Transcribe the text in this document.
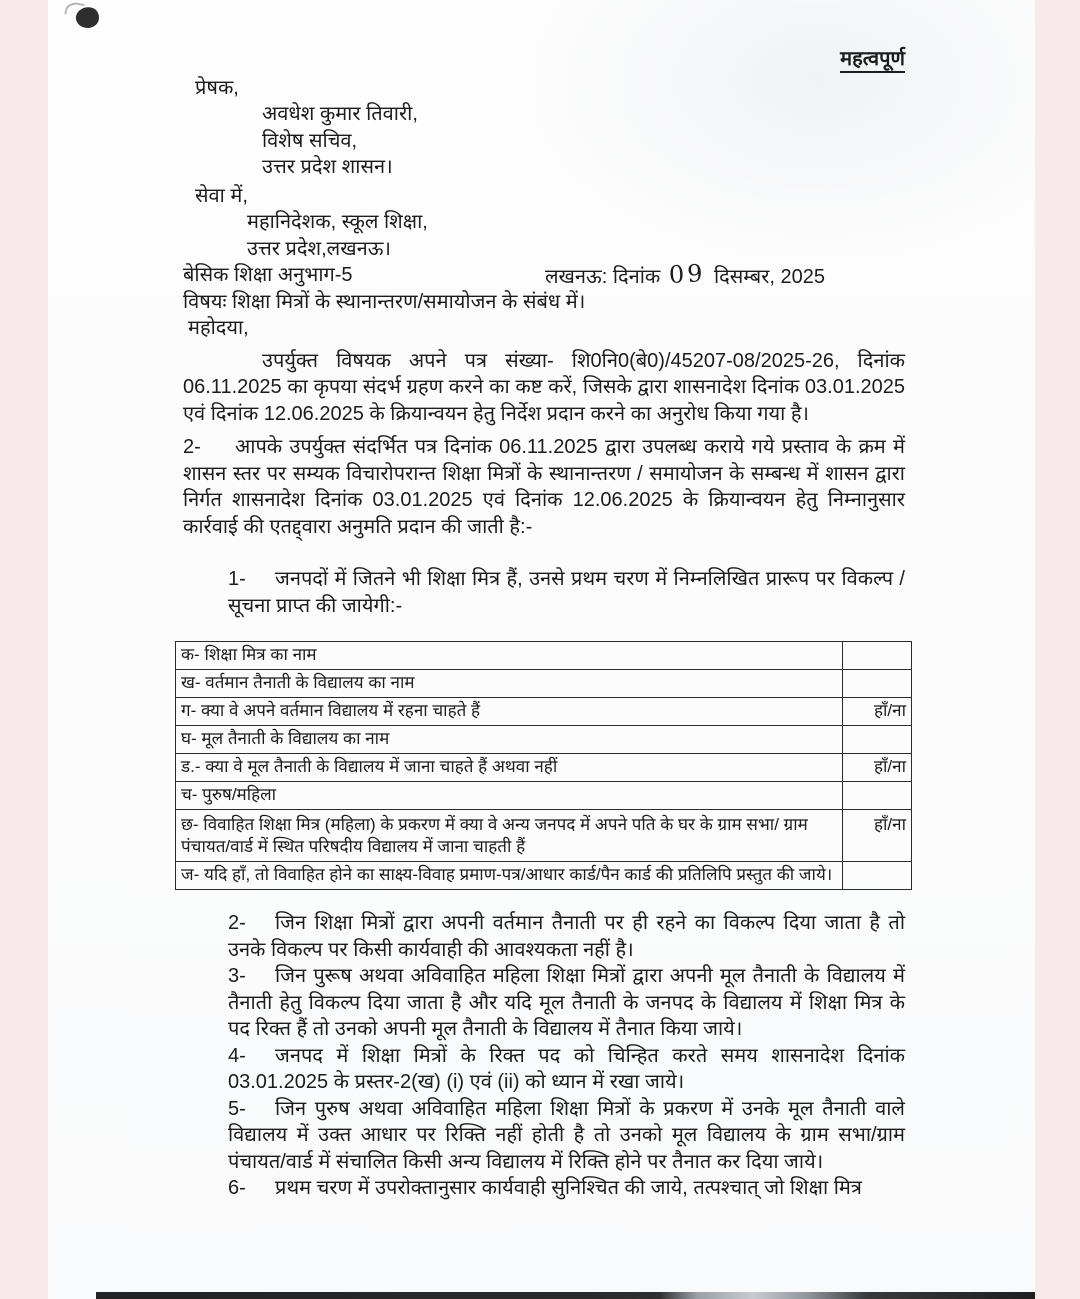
महत्वपूर्ण
प्रेषक,
अवधेश कुमार तिवारी,
विशेष सचिव,
उत्तर प्रदेश शासन।
सेवा में,
महानिदेशक, स्कूल शिक्षा,
उत्तर प्रदेश,लखनऊ।
बेसिक शिक्षा अनुभाग-5	लखनऊ: दिनांक 09 दिसम्बर, 2025
विषयः शिक्षा मित्रों के स्थानान्तरण/समायोजन के संबंध में।
महोदया,

उपर्युक्त विषयक अपने पत्र संख्या- शि0नि0(बे0)/45207-08/2025-26, दिनांक 06.11.2025 का कृपया संदर्भ ग्रहण करने का कष्ट करें, जिसके द्वारा शासनादेश दिनांक 03.01.2025 एवं दिनांक 12.06.2025 के क्रियान्वयन हेतु निर्देश प्रदान करने का अनुरोध किया गया है।

2- आपके उपर्युक्त संदर्भित पत्र दिनांक 06.11.2025 द्वारा उपलब्ध कराये गये प्रस्ताव के क्रम में शासन स्तर पर सम्यक विचारोपरान्त शिक्षा मित्रों के स्थानान्तरण / समायोजन के सम्बन्ध में शासन द्वारा निर्गत शासनादेश दिनांक 03.01.2025 एवं दिनांक 12.06.2025 के क्रियान्वयन हेतु निम्नानुसार कार्रवाई की एतद्द्वारा अनुमति प्रदान की जाती है:-

1- जनपदों में जितने भी शिक्षा मित्र हैं, उनसे प्रथम चरण में निम्नलिखित प्रारूप पर विकल्प / सूचना प्राप्त की जायेगी:-

क- शिक्षा मित्र का नाम	
ख- वर्तमान तैनाती के विद्यालय का नाम	
ग- क्या वे अपने वर्तमान विद्यालय में रहना चाहते हैं	हाँ/ना
घ- मूल तैनाती के विद्यालय का नाम	
ड.- क्या वे मूल तैनाती के विद्यालय में जाना चाहते हैं अथवा नहीं	हाँ/ना
च- पुरुष/महिला	
छ- विवाहित शिक्षा मित्र (महिला) के प्रकरण में क्या वे अन्य जनपद में अपने पति के घर के ग्राम सभा/ ग्राम पंचायत/वार्ड में स्थित परिषदीय विद्यालय में जाना चाहती हैं	हाँ/ना
ज- यदि हाँ, तो विवाहित होने का साक्ष्य-विवाह प्रमाण-पत्र/आधार कार्ड/पैन कार्ड की प्रतिलिपि प्रस्तुत की जाये।	

2- जिन शिक्षा मित्रों द्वारा अपनी वर्तमान तैनाती पर ही रहने का विकल्प दिया जाता है तो उनके विकल्प पर किसी कार्यवाही की आवश्यकता नहीं है।

3- जिन पुरूष अथवा अविवाहित महिला शिक्षा मित्रों द्वारा अपनी मूल तैनाती के विद्यालय में तैनाती हेतु विकल्प दिया जाता है और यदि मूल तैनाती के जनपद के विद्यालय में शिक्षा मित्र के पद रिक्त हैं तो उनको अपनी मूल तैनाती के विद्यालय में तैनात किया जाये।

4- जनपद में शिक्षा मित्रों के रिक्त पद को चिन्हित करते समय शासनादेश दिनांक 03.01.2025 के प्रस्तर-2(ख) (i) एवं (ii) को ध्यान में रखा जाये।

5- जिन पुरुष अथवा अविवाहित महिला शिक्षा मित्रों के प्रकरण में उनके मूल तैनाती वाले विद्यालय में उक्त आधार पर रिक्ति नहीं होती है तो उनको मूल विद्यालय के ग्राम सभा/ग्राम पंचायत/वार्ड में संचालित किसी अन्य विद्यालय में रिक्ति होने पर तैनात कर दिया जाये।

6- प्रथम चरण में उपरोक्तानुसार कार्यवाही सुनिश्चित की जाये, तत्पश्चात् जो शिक्षा मित्र
